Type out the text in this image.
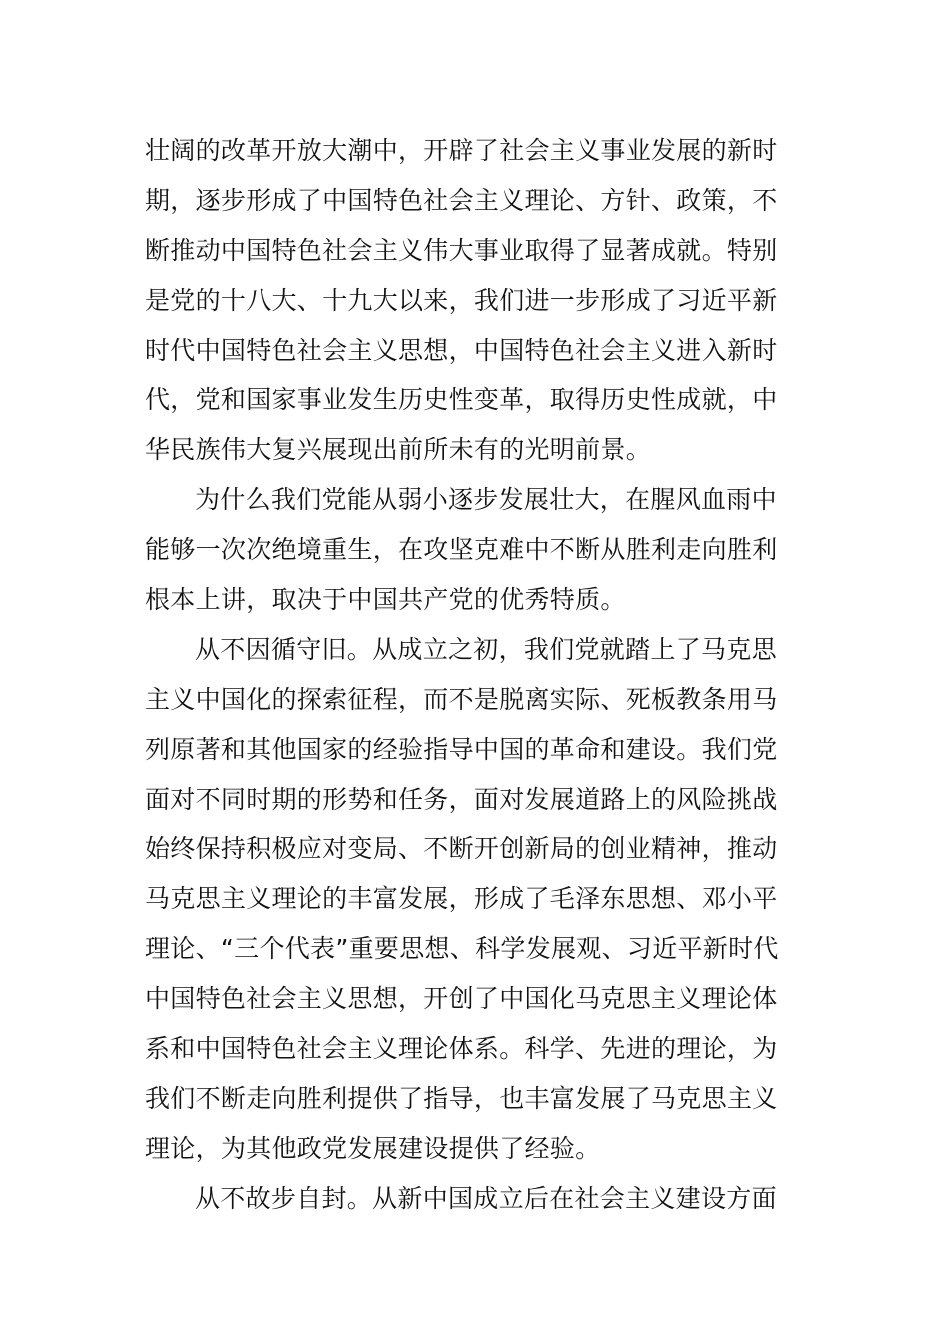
壮阔的改革开放大潮中，开辟了社会主义事业发展的新时
期，逐步形成了中国特色社会主义理论、方针、政策，不
断推动中国特色社会主义伟大事业取得了显著成就。特别
是党的十八大、十九大以来，我们进一步形成了习近平新
时代中国特色社会主义思想，中国特色社会主义进入新时
代，党和国家事业发生历史性变革，取得历史性成就，中
华民族伟大复兴展现出前所未有的光明前景。
为什么我们党能从弱小逐步发展壮大，在腥风血雨中
能够一次次绝境重生，在攻坚克难中不断从胜利走向胜利
根本上讲，取决于中国共产党的优秀特质。
从不因循守旧。从成立之初，我们党就踏上了马克思
主义中国化的探索征程，而不是脱离实际、死板教条用马
列原著和其他国家的经验指导中国的革命和建设。我们党
面对不同时期的形势和任务，面对发展道路上的风险挑战
始终保持积极应对变局、不断开创新局的创业精神，推动
马克思主义理论的丰富发展，形成了毛泽东思想、邓小平
理论、“三个代表”重要思想、科学发展观、习近平新时代
中国特色社会主义思想，开创了中国化马克思主义理论体
系和中国特色社会主义理论体系。科学、先进的理论，为
我们不断走向胜利提供了指导，也丰富发展了马克思主义
理论，为其他政党发展建设提供了经验。
从不故步自封。从新中国成立后在社会主义建设方面
